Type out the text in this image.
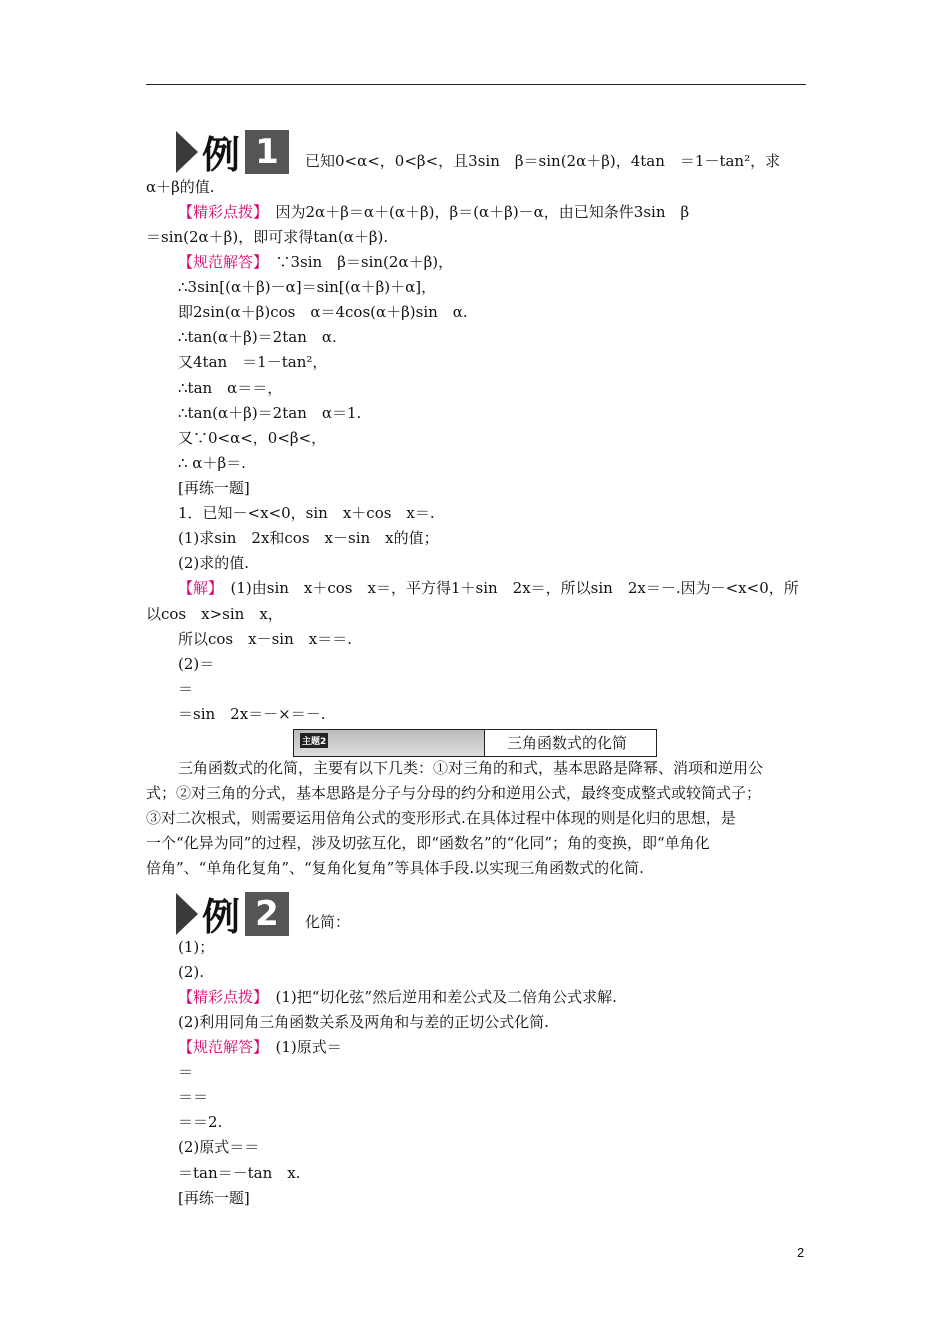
例 1	已知0<α<，0<β<，且3sin　β＝sin(2α＋β)，4tan　＝1－tan²，求
α＋β的值.
【精彩点拨】　因为2α＋β＝α＋(α＋β)，β＝(α＋β)－α，由已知条件3sin　β
＝sin(2α＋β)，即可求得tan(α＋β).
【规范解答】　∵3sin　β＝sin(2α＋β)，
∴3sin[(α＋β)－α]＝sin[(α＋β)＋α]，
即2sin(α＋β)cos　α＝4cos(α＋β)sin　α.
∴tan(α＋β)＝2tan　α.
又4tan　＝1－tan²，
∴tan　α＝＝，
∴tan(α＋β)＝2tan　α＝1.
又∵0<α<，0<β<，
∴ α＋β＝.
[再练一题]
1．已知－<x<0，sin　x＋cos　x＝.
(1)求sin　2x和cos　x－sin　x的值；
(2)求的值.
【解】　(1)由sin　x＋cos　x＝，平方得1＋sin　2x＝，所以sin　2x＝－.因为－<x<0，所
以cos　x>sin　x，
所以cos　x－sin　x＝＝.
(2)＝
＝
＝sin　2x＝－×＝－.
主题2	三角函数式的化简
三角函数式的化简，主要有以下几类：①对三角的和式，基本思路是降幂、消项和逆用公
式；②对三角的分式，基本思路是分子与分母的约分和逆用公式，最终变成整式或较简式子；
③对二次根式，则需要运用倍角公式的变形形式.在具体过程中体现的则是化归的思想，是
一个“化异为同”的过程，涉及切弦互化，即“函数名”的“化同”；角的变换，即“单角化
倍角”、“单角化复角”、“复角化复角”等具体手段.以实现三角函数式的化简.
例 2	化简：
(1)；
(2).
【精彩点拨】　(1)把“切化弦”然后逆用和差公式及二倍角公式求解.
(2)利用同角三角函数关系及两角和与差的正切公式化简.
【规范解答】　(1)原式＝
＝
＝＝
＝＝2.
(2)原式＝＝
＝tan＝－tan　x.
[再练一题]
2
